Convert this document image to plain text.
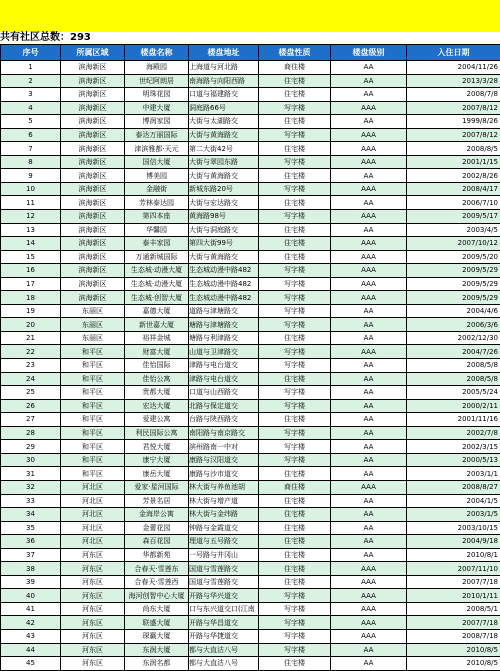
共有社区总数：293
序号	所属区域	楼盘名称	楼盘地址	楼盘性质	楼盘级别	入住日期
1	滨海新区	海殿园	上海道与河北路	商住楼	AA	2004/11/26
2	滨海新区	世纪阿朗居	南海路与向阳西路	住宅楼	AA	2013/3/28
3	滨海新区	明珠花园	口道与福建路交	住宅楼	AA	2008/7/8
4	滨海新区	中建大厦	洞庭路66号	写字楼	AAA	2007/8/12
5	滨海新区	博润家园	大街与太湖路交	住宅楼	AA	1999/8/26
6	滨海新区	泰达万丽国际	大街与黄海路交	写字楼	AAA	2007/8/12
7	滨海新区	津滨雅都·天元	第二大街42号	住宅楼	AAA	2008/8/5
8	滨海新区	国信大厦	大街与翠园东路	写字楼	AAA	2001/1/15
9	滨海新区	博美园	大街与黄海路交	住宅楼	AA	2002/8/26
10	滨海新区	金融街	新城东路20号	写字楼	AAA	2008/4/17
11	滨海新区	芳林泰达园	大街与宏达路交	住宅楼	AA	2006/7/10
12	滨海新区	第四本座	黄海路98号	写字楼	AAA	2009/5/17
13	滨海新区	华馨园	大街与洞庭路交	住宅楼	AA	2003/4/5
14	滨海新区	泰丰家园	第四大街99号	住宅楼	AAA	2007/10/12
15	滨海新区	万通新城国际	大街与黄海路交	住宅楼	AAA	2009/5/20
16	滨海新区	生态城·动漫大厦	生态城动漫中路482	写字楼	AAA	2009/5/29
17	滨海新区	生态城·动漫大厦	生态城动漫中路482	写字楼	AAA	2009/5/29
18	滨海新区	生态城·创智大厦	生态城动漫中路482	写字楼	AAA	2009/5/29
19	东丽区	嘉德大厦	道路与津塘路交	写字楼	AA	2004/4/6
20	东丽区	新世嘉大厦	塘路与津塘路交	写字楼	AA	2006/3/6
21	东丽区	裕祥金城	塘路与利津路交	住宅楼	AA	2002/12/30
22	和平区	财富大厦	山道与卫津路交	写字楼	AAA	2004/7/26
23	和平区	佳怡国际	津路与电台道交	写字楼	AA	2008/5/8
24	和平区	佳怡公寓	津路与电台道交	住宅楼	AA	2008/5/8
25	和平区	贵都大厦	口道与山西路交	写字楼	AA	2005/5/24
26	和平区	宏达大厦	北路与保定道交	写字楼	AA	2000/2/11
27	和平区	爱建公寓	台路与陕西路交	住宅楼	AA	2001/11/16
28	和平区	利民国际公寓	南阳路与南京路交	写字楼	AA	2002/7/8
29	和平区	君悦大厦	滨州路南一中对	写字楼	AA	2002/3/15
30	和平区	康宁大厦	康路与汉阳道交	写字楼	AA	2000/5/13
31	和平区	康岳大厦	康路与沙市道交	住宅楼	AA	2003/1/1
32	河北区	爱家·星河国际	林大街与养鱼池胡	商住楼	AAA	2008/8/27
33	河北区	芳景名居	林大街与增产道	住宅楼	AA	2004/1/5
34	河北区	金海岸公寓	林大街与金纬路	住宅楼	AA	2003/1/5
35	河北区	金蕾花园	钟路与金霞道交	住宅楼	AA	2003/10/15
36	河北区	森百花园	理道与五号路交	住宅楼	AA	2004/9/18
37	河东区	华都新苑	一号路与井冈山	住宅楼	AA	2010/8/1
38	河东区	合春天·雪莲东	国道与雪莲路交	住宅楼	AAA	2007/11/10
39	河东区	合春天·雪莲西	国道与雪莲路交	住宅楼	AAA	2007/7/18
40	河东区	海河创智中心大厦	开路与华兴道交	写字楼	AAA	2010/1/11
41	河东区	尚东大厦	口与东兴道交口(江南	写字楼	AAA	2008/5/1
42	河东区	联盛大厦	开路与华昌道交	写字楼	AAA	2007/7/18
43	河东区	琛赢大厦	开路与华捷道交	写字楼	AAA	2008/7/18
44	河东区	东润大厦	都与大直沽八号	写字楼	AA	2010/8/5
45	河东区	东润名都	都与大直沽八号	住宅楼	AA	2010/8/5
